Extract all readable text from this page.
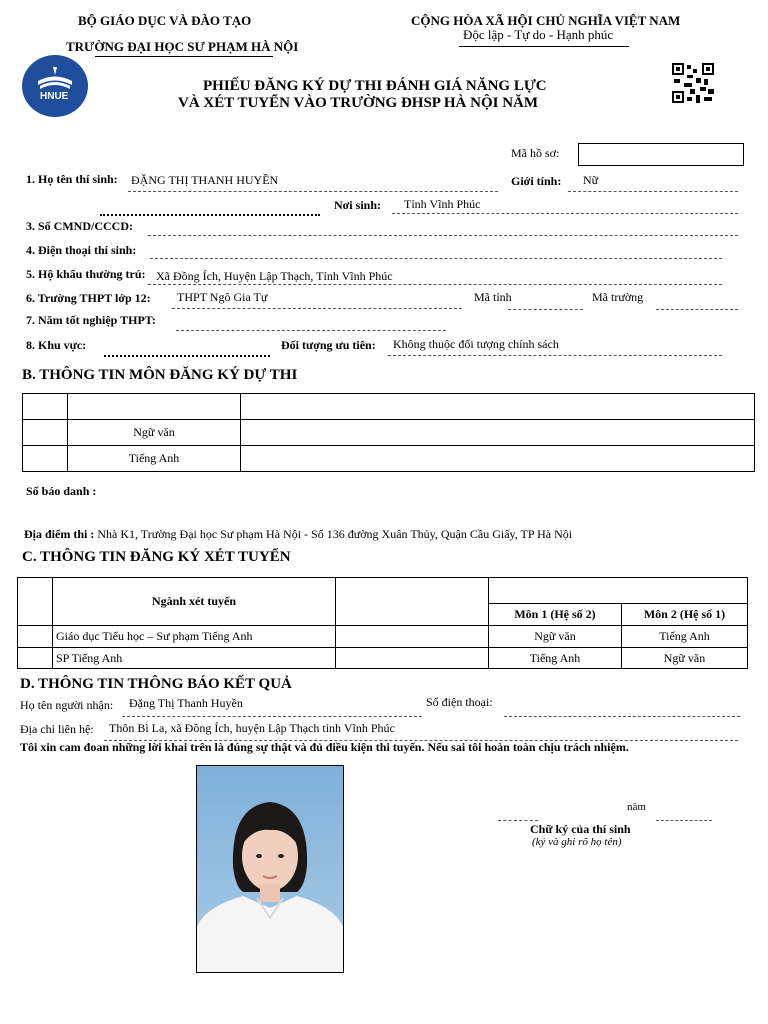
BỘ GIÁO DỤC VÀ ĐÀO TẠO
TRƯỜNG ĐẠI HỌC SƯ PHẠM HÀ NỘI
CỘNG HÒA XÃ HỘI CHỦ NGHĨA VIỆT NAM
Độc lập - Tự do - Hạnh phúc
HNUE
PHIẾU ĐĂNG KÝ DỰ THI ĐÁNH GIÁ NĂNG LỰC
VÀ XÉT TUYỂN VÀO TRƯỜNG ĐHSP HÀ NỘI NĂM
Mã hồ sơ:
1. Họ tên thí sinh: ĐẶNG THỊ THANH HUYỀN	Giới tính: Nữ
Nơi sinh: Tỉnh Vĩnh Phúc
3. Số CMND/CCCD:
4. Điện thoại thí sinh:
5. Hộ khẩu thường trú: Xã Đồng Ích, Huyện Lập Thạch, Tỉnh Vĩnh Phúc
6. Trường THPT lớp 12: THPT Ngô Gia Tự	Mã tỉnh	Mã trường
7. Năm tốt nghiệp THPT:
8. Khu vực:	Đối tượng ưu tiên: Không thuộc đối tượng chính sách
B. THÔNG TIN MÔN ĐĂNG KÝ DỰ THI

	Ngữ văn	
	Tiếng Anh	
Số báo danh :
Địa điểm thi : Nhà K1, Trường Đại học Sư phạm Hà Nội - Số 136 đường Xuân Thủy, Quận Cầu Giấy, TP Hà Nội
C. THÔNG TIN ĐĂNG KÝ XÉT TUYỂN
	Ngành xét tuyển			
			Môn 1 (Hệ số 2)	Môn 2 (Hệ số 1)
	Giáo dục Tiểu học – Sư phạm Tiếng Anh		Ngữ văn	Tiếng Anh
	SP Tiếng Anh		Tiếng Anh	Ngữ văn
D. THÔNG TIN THÔNG BÁO KẾT QUẢ
Họ tên người nhận: Đặng Thị Thanh Huyền	Số điện thoại:
Địa chỉ liên hệ: Thôn Bì La, xã Đồng Ích, huyện Lập Thạch tỉnh Vĩnh Phúc
Tôi xin cam đoan những lời khai trên là đúng sự thật và đủ điều kiện thi tuyển. Nếu sai tôi hoàn toàn chịu trách nhiệm.
năm
Chữ ký của thí sinh
(ký và ghi rõ họ tên)
